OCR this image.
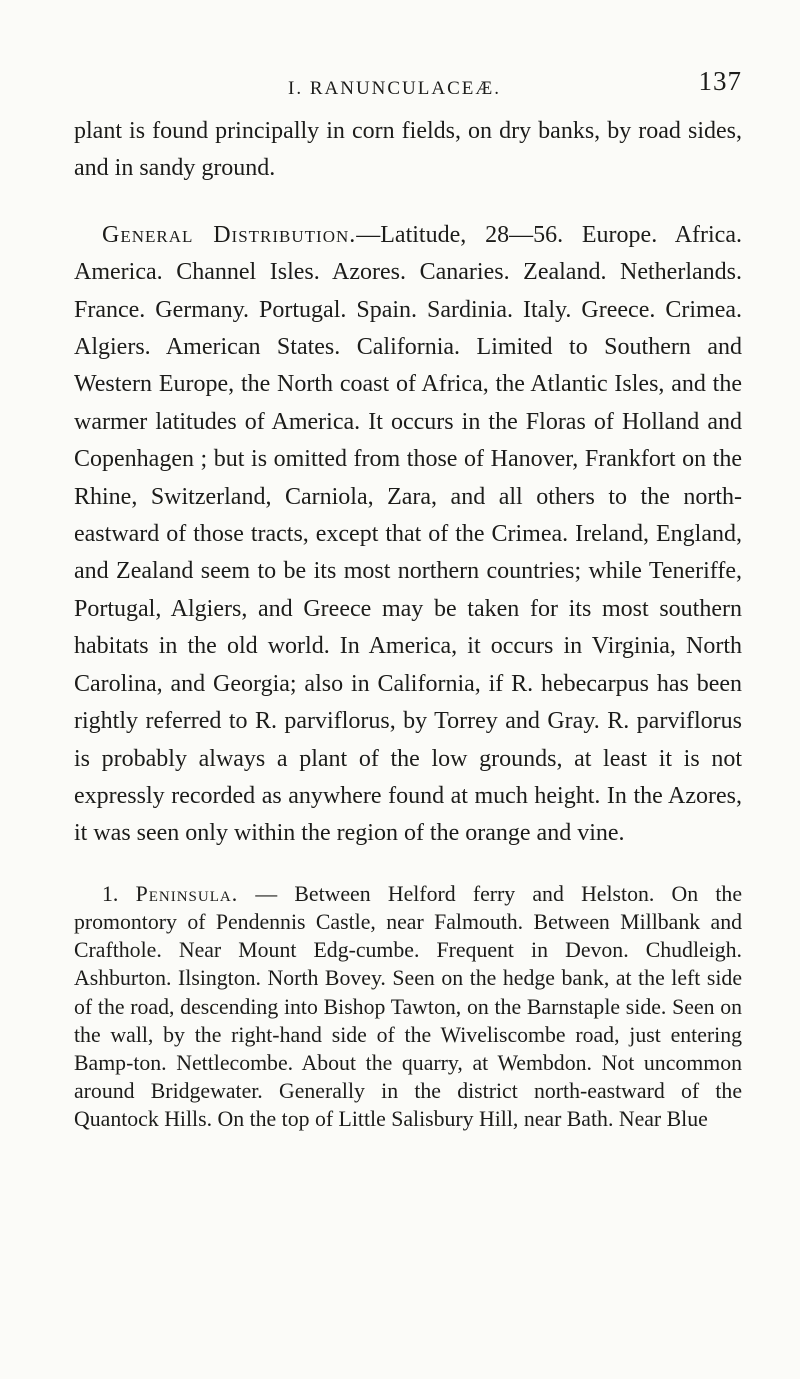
I. RANUNCULACEÆ.	137

plant is found principally in corn fields, on dry banks, by road sides, and in sandy ground.

General Distribution.—Latitude, 28—56. Europe. Africa. America. Channel Isles. Azores. Canaries. Zealand. Netherlands. France. Germany. Portugal. Spain. Sardinia. Italy. Greece. Crimea. Algiers. American States. California. Limited to Southern and Western Europe, the North coast of Africa, the Atlantic Isles, and the warmer latitudes of America. It occurs in the Floras of Holland and Copenhagen ; but is omitted from those of Hanover, Frankfort on the Rhine, Switzerland, Carniola, Zara, and all others to the north-eastward of those tracts, except that of the Crimea. Ireland, England, and Zealand seem to be its most northern countries; while Teneriffe, Portugal, Algiers, and Greece may be taken for its most southern habitats in the old world. In America, it occurs in Virginia, North Carolina, and Georgia; also in California, if R. hebecarpus has been rightly referred to R. parviflorus, by Torrey and Gray. R. parviflorus is probably always a plant of the low grounds, at least it is not expressly recorded as anywhere found at much height. In the Azores, it was seen only within the region of the orange and vine.

1. Peninsula. — Between Helford ferry and Helston. On the promontory of Pendennis Castle, near Falmouth. Between Millbank and Crafthole. Near Mount Edg-cumbe. Frequent in Devon. Chudleigh. Ashburton. Ilsington. North Bovey. Seen on the hedge bank, at the left side of the road, descending into Bishop Tawton, on the Barnstaple side. Seen on the wall, by the right-hand side of the Wiveliscombe road, just entering Bamp-ton. Nettlecombe. About the quarry, at Wembdon. Not uncommon around Bridgewater. Generally in the district north-eastward of the Quantock Hills. On the top of Little Salisbury Hill, near Bath. Near Blue
